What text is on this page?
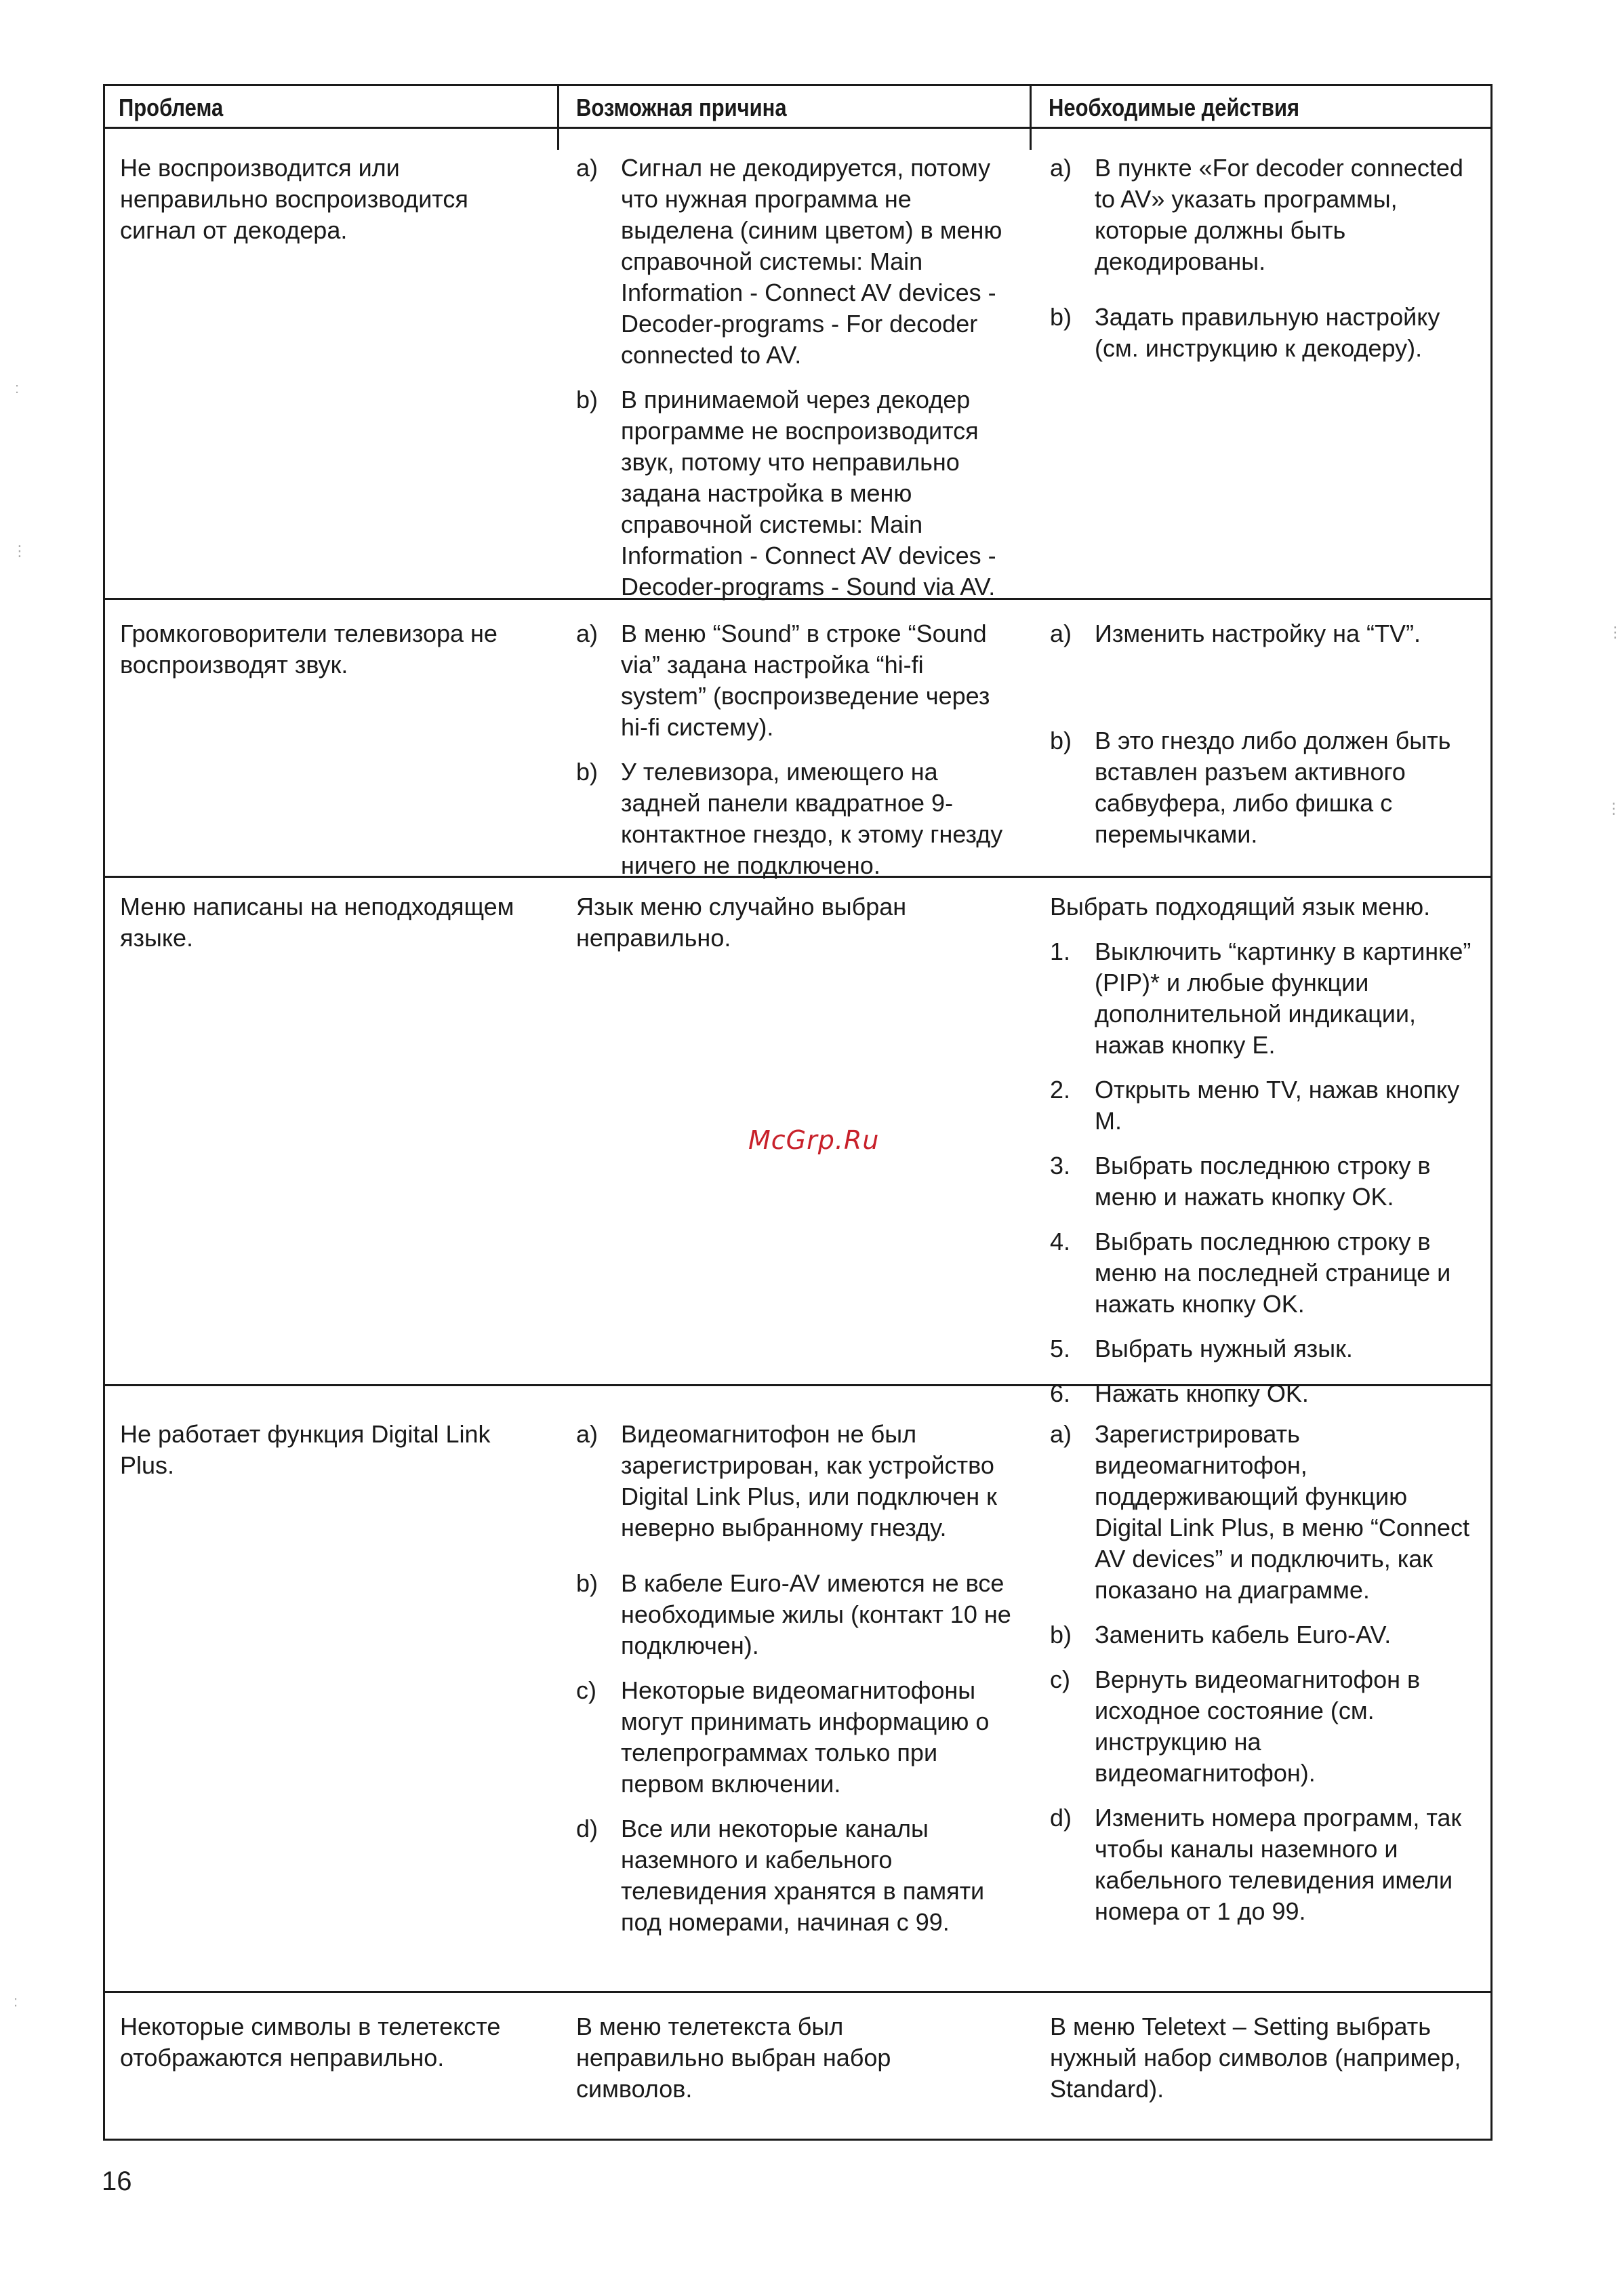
Проблема	Возможная причина	Необходимые действия
Не воспроизводится или неправильно воспроизводится сигнал от декодера.
a) Сигнал не декодируется, потому что нужная программа не выделена (синим цветом) в меню справочной системы: Main Information - Connect AV devices - Decoder-programs - For decoder connected to AV.
b) В принимаемой через декодер программе не воспроизводится звук, потому что неправильно задана настройка в меню справочной системы: Main Information - Connect AV devices - Decoder-programs - Sound via AV.
a) В пункте «For decoder connected to AV» указать программы, которые должны быть декодированы.
b) Задать правильную настройку (см. инструкцию к декодеру).
Громкоговорители телевизора не воспроизводят звук.
a) В меню “Sound” в строке “Sound via” задана настройка “hi-fi system” (воспроизведение через hi-fi систему).
b) У телевизора, имеющего на задней панели квадратное 9-контактное гнездо, к этому гнезду ничего не подключено.
a) Изменить настройку на “TV”.
b) В это гнездо либо должен быть вставлен разъем активного сабвуфера, либо фишка с перемычками.
Меню написаны на неподходящем языке.
Язык меню случайно выбран неправильно.
Выбрать подходящий язык меню.
1. Выключить “картинку в картинке” (PIP)* и любые функции дополнительной индикации, нажав кнопку E.
2. Открыть меню TV, нажав кнопку M.
3. Выбрать последнюю строку в меню и нажать кнопку OK.
4. Выбрать последнюю строку в меню на последней странице и нажать кнопку OK.
5. Выбрать нужный язык.
6. Нажать кнопку OK.
Не работает функция Digital Link Plus.
a) Видеомагнитофон не был зарегистрирован, как устройство Digital Link Plus, или подключен к неверно выбранному гнезду.
b) В кабеле Euro-AV имеются не все необходимые жилы (контакт 10 не подключен).
c) Некоторые видеомагнитофоны могут принимать информацию о телепрограммах только при первом включении.
d) Все или некоторые каналы наземного и кабельного телевидения хранятся в памяти под номерами, начиная с 99.
a) Зарегистрировать видеомагнитофон, поддерживающий функцию Digital Link Plus, в меню “Connect AV devices” и подключить, как показано на диаграмме.
b) Заменить кабель Euro-AV.
c) Вернуть видеомагнитофон в исходное состояние (см. инструкцию на видеомагнитофон).
d) Изменить номера программ, так чтобы каналы наземного и кабельного телевидения имели номера от 1 до 99.
Некоторые символы в телетексте отображаются неправильно.
В меню телетекста был неправильно выбран набор символов.
В меню Teletext – Setting выбрать нужный набор символов (например, Standard).
McGrp.Ru
16
:
⋮
⋮
⋮
:
